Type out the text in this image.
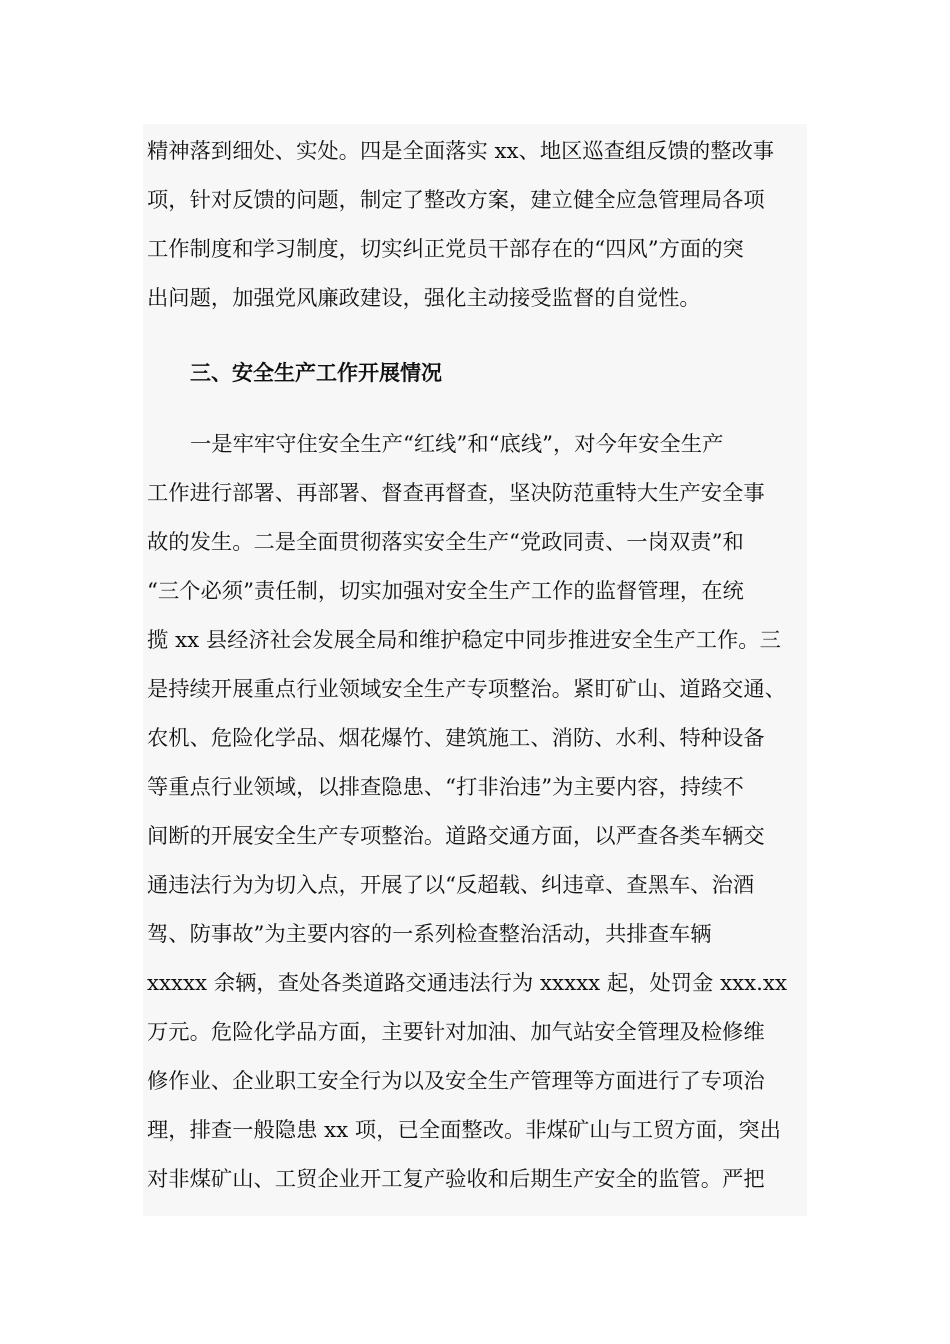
精神落到细处、实处。四是全面落实 xx、地区巡查组反馈的整改事
项，针对反馈的问题，制定了整改方案，建立健全应急管理局各项
工作制度和学习制度，切实纠正党员干部存在的“四风”方面的突
出问题，加强党风廉政建设，强化主动接受监督的自觉性。
三、安全生产工作开展情况
一是牢牢守住安全生产“红线”和“底线”，对今年安全生产
工作进行部署、再部署、督查再督查，坚决防范重特大生产安全事
故的发生。二是全面贯彻落实安全生产“党政同责、一岗双责”和
“三个必须”责任制，切实加强对安全生产工作的监督管理，在统
揽 xx 县经济社会发展全局和维护稳定中同步推进安全生产工作。三
是持续开展重点行业领域安全生产专项整治。紧盯矿山、道路交通、
农机、危险化学品、烟花爆竹、建筑施工、消防、水利、特种设备
等重点行业领域，以排查隐患、“打非治违”为主要内容，持续不
间断的开展安全生产专项整治。道路交通方面，以严查各类车辆交
通违法行为为切入点，开展了以“反超载、纠违章、查黑车、治酒
驾、防事故”为主要内容的一系列检查整治活动，共排查车辆
xxxxx 余辆，查处各类道路交通违法行为 xxxxx 起，处罚金 xxx.xx
万元。危险化学品方面，主要针对加油、加气站安全管理及检修维
修作业、企业职工安全行为以及安全生产管理等方面进行了专项治
理，排查一般隐患 xx 项，已全面整改。非煤矿山与工贸方面，突出
对非煤矿山、工贸企业开工复产验收和后期生产安全的监管。严把
